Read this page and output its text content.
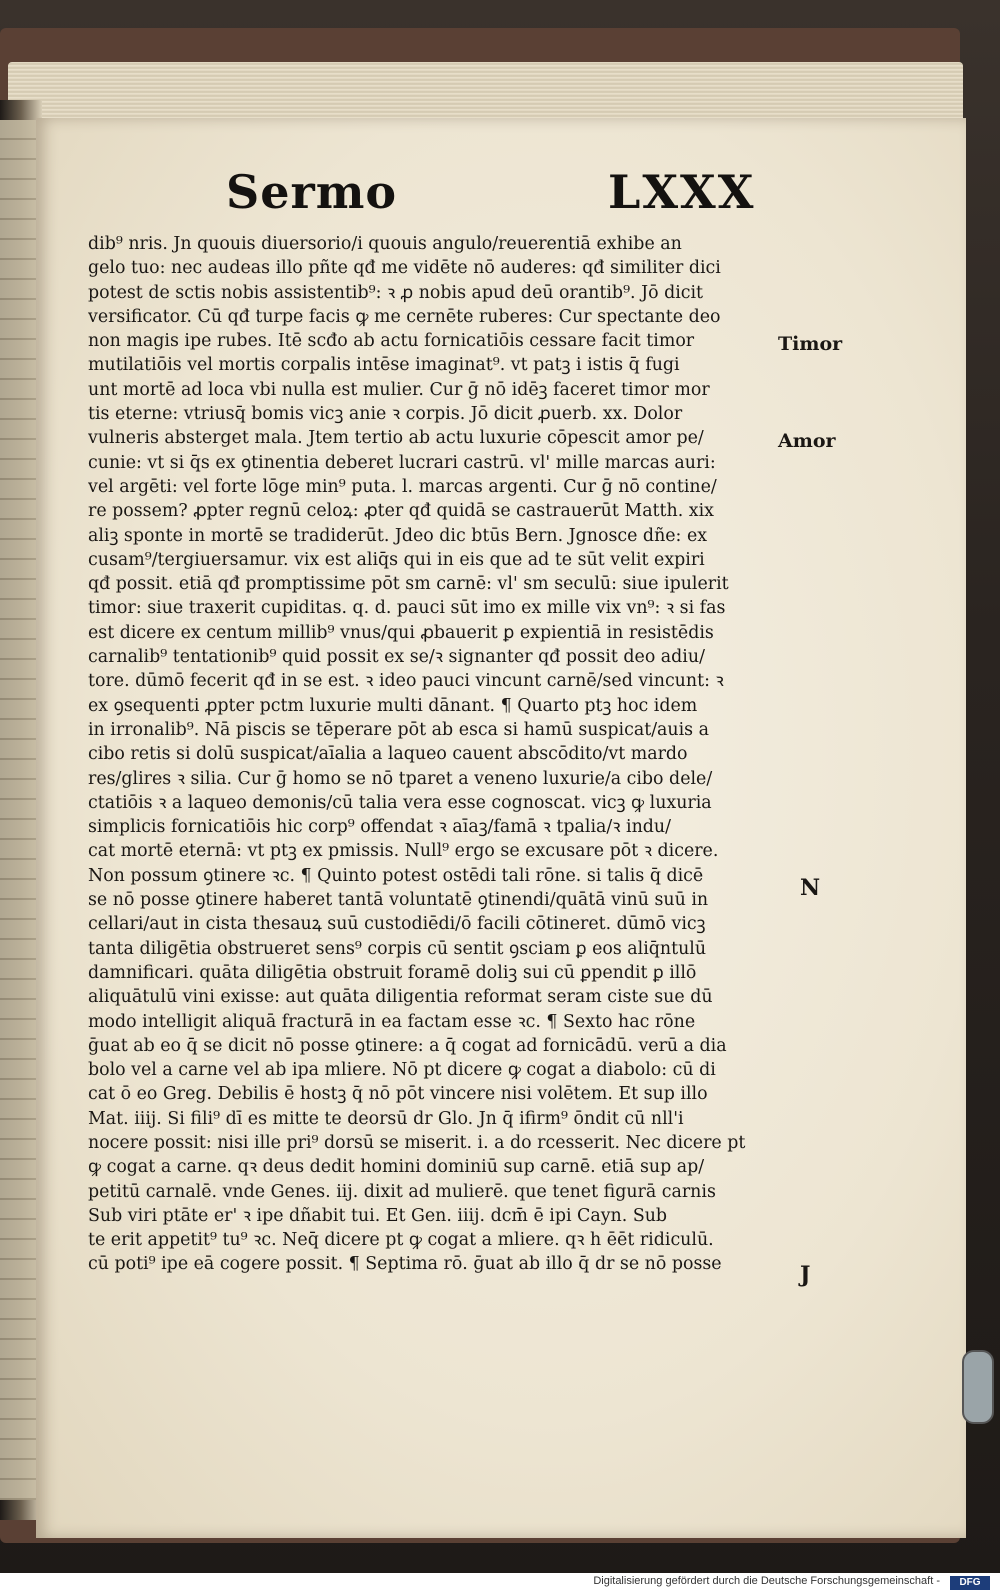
Sermo	LXXX
dib⁹ nris. Jn quouis diuersorio/i quouis angulo/reuerentiā exhibe an
gelo tuo: nec audeas illo pñte qđ me vidēte nō auderes: qđ similiter dici
potest de sctis nobis assistentib⁹: ꝛ ꝓ nobis apud deū orantib⁹. Jō dicit
versificator. Cū qđ turpe facis ꝙ me cernēte ruberes: Cur spectante deo
non magis ipe rubes. Itē scđo ab actu fornicatiōis cessare facit timor
mutilatiōis vel mortis corpalis intēse imaginat⁹. vt patꝫ i istis q̄ fugi
unt mortē ad loca vbi nulla est mulier. Cur ḡ nō idēꝫ faceret timor mor
tis eterne: vtriusq̄ bomis vicꝫ anie ꝛ corpis. Jō dicit ꝓuerb. xx. Dolor
vulneris absterget mala. Jtem tertio ab actu luxurie cōpescit amor pe/
cunie: vt si q̄s ex ꝯtinentia deberet lucrari castrū. vl' mille marcas auri:
vel argēti: vel forte lōge min⁹ puta. l. marcas argenti. Cur ḡ nō contine/
re possem? ꝓpter regnū celoꝝ: ꝓter qđ quidā se castrauerūt Matth. xix
aliꝫ sponte in mortē se tradiderūt. Jdeo dic btūs Bern. Jgnosce dñe: ex
cusam⁹/tergiuersamur. vix est aliq̄s qui in eis que ad te sūt velit expiri
qđ possit. etiā qđ promptissime pōt sm carnē: vl' sm seculū: siue ipulerit
timor: siue traxerit cupiditas. q. d. pauci sūt imo ex mille vix vn⁹: ꝛ si fas
est dicere ex centum millib⁹ vnus/qui ꝓbauerit ꝑ expientiā in resistēdis
carnalib⁹ tentationib⁹ quid possit ex se/ꝛ signanter qđ possit deo adiu/
tore. dūmō fecerit qđ in se est. ꝛ ideo pauci vincunt carnē/sed vincunt: ꝛ
ex ꝯsequenti ꝓpter pctm luxurie multi dānant. ¶ Quarto ptꝫ hoc idem
in irronalib⁹. Nā piscis se tēperare pōt ab esca si hamū suspicat/auis a
cibo retis si dolū suspicat/aīalia a laqueo cauent abscōdito/vt mardo
res/glires ꝛ silia. Cur ḡ homo se nō tparet a veneno luxurie/a cibo dele/
ctatiōis ꝛ a laqueo demonis/cū talia vera esse cognoscat. vicꝫ ꝙ luxuria
simplicis fornicatiōis hic corp⁹ offendat ꝛ aīaꝫ/famā ꝛ tpalia/ꝛ indu/
cat mortē eternā: vt ptꝫ ex pmissis. Null⁹ ergo se excusare pōt ꝛ dicere.
Non possum ꝯtinere ꝛc. ¶ Quinto potest ostēdi tali rōne. si talis q̄ dicē
se nō posse ꝯtinere haberet tantā voluntatē ꝯtinendi/quātā vinū suū in
cellari/aut in cista thesauꝝ suū custodiēdi/ō facili cōtineret. dūmō vicꝫ
tanta diligētia obstrueret sens⁹ corpis cū sentit ꝯsciam ꝑ eos aliq̄ntulū
damnificari. quāta diligētia obstruit foramē doliꝫ sui cū ꝑpendit ꝑ illō
aliquātulū vini exisse: aut quāta diligentia reformat seram ciste sue dū
modo intelligit aliquā fracturā in ea factam esse ꝛc. ¶ Sexto hac rōne
ḡuat ab eo q̄ se dicit nō posse ꝯtinere: a q̄ cogat ad fornicādū. verū a dia
bolo vel a carne vel ab ipa mliere. Nō pt dicere ꝙ cogat a diabolo: cū di
cat ō eo Greg. Debilis ē hostꝫ q̄ nō pōt vincere nisi volētem. Et sup illo
Mat. iiij. Si fili⁹ dī es mitte te deorsū dr Glo. Jn q̄ ifirm⁹ ōndit cū nll'i
nocere possit: nisi ille pri⁹ dorsū se miserit. i. a do rcesserit. Nec dicere pt
ꝙ cogat a carne. qꝛ deus dedit homini dominiū sup carnē. etiā sup ap/
petitū carnalē. vnde Genes. iij. dixit ad mulierē. que tenet figurā carnis
Sub viri ptāte er' ꝛ ipe dñabit tui. Et Gen. iiij. dcm̄ ē ipi Cayn. Sub
te erit appetit⁹ tu⁹ ꝛc. Neq̄ dicere pt ꝙ cogat a mliere. qꝛ h ēēt ridiculū.
cū poti⁹ ipe eā cogere possit. ¶ Septima rō. ḡuat ab illo q̄ dr se nō posse
Timor
Amor
N
J
Digitalisierung gefördert durch die Deutsche Forschungsgemeinschaft -	DFG
